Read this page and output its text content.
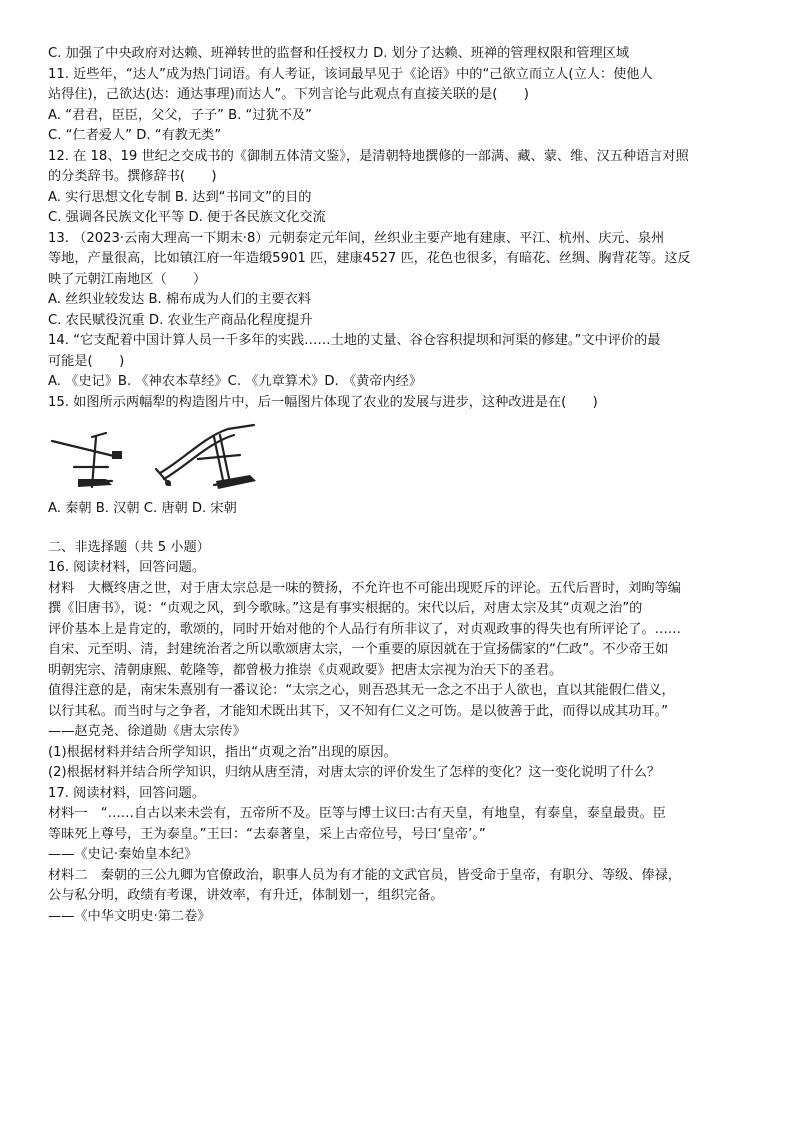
C. 加强了中央政府对达赖、班禅转世的监督和任授权力 D. 划分了达赖、班禅的管理权限和管理区域
11. 近些年，“达人”成为热门词语。有人考证，该词最早见于《论语》中的“己欲立而立人(立人：使他人
站得住)，己欲达(达：通达事理)而达人”。下列言论与此观点有直接关联的是(　　)
A. “君君，臣臣，父父，子子” B. “过犹不及”
C. “仁者爱人” D. “有教无类”
12. 在 18、19 世纪之交成书的《御制五体清文鉴》，是清朝特地撰修的一部满、藏、蒙、维、汉五种语言对照
的分类辞书。撰修辞书(　　)
A. 实行思想文化专制 B. 达到“书同文”的目的
C. 强调各民族文化平等 D. 便于各民族文化交流
13. （2023·云南大理高一下期末·8）元朝泰定元年间，丝织业主要产地有建康、平江、杭州、庆元、泉州
等地，产量很高，比如镇江府一年造缎5901 匹，建康4527 匹，花色也很多，有暗花、丝绸、胸背花等。这反
映了元朝江南地区（　　）
A. 丝织业较发达 B. 棉布成为人们的主要衣料
C. 农民赋役沉重 D. 农业生产商品化程度提升
14. “它支配着中国计算人员一千多年的实践……土地的丈量、谷仓容积提坝和河渠的修建。”文中评价的最
可能是(　　)
A. 《史记》B. 《神农本草经》C. 《九章算术》D. 《黄帝内经》
15. 如图所示两幅犁的构造图片中，后一幅图片体现了农业的发展与进步，这种改进是在(　　)
A. 秦朝 B. 汉朝 C. 唐朝 D. 宋朝
二、非选择题（共 5 小题）
16. 阅读材料，回答问题。
材料　大概终唐之世，对于唐太宗总是一味的赞扬，不允许也不可能出现贬斥的评论。五代后晋时，刘昫等编
撰《旧唐书》，说：“贞观之风，到今歌咏。”这是有事实根据的。宋代以后，对唐太宗及其“贞观之治”的
评价基本上是肯定的，歌颂的，同时开始对他的个人品行有所非议了，对贞观政事的得失也有所评论了。……
自宋、元至明、清，封建统治者之所以歌颂唐太宗，一个重要的原因就在于宣扬儒家的“仁政”。不少帝王如
明朝宪宗、清朝康熙、乾隆等，都曾极力推崇《贞观政要》把唐太宗视为治天下的圣君。
值得注意的是，南宋朱熹别有一番议论：“太宗之心，则吾恐其无一念之不出于人欲也，直以其能假仁借义，
以行其私。而当时与之争者，才能知术既出其下，又不知有仁义之可饬。是以彼善于此，而得以成其功耳。”
——赵克尧、徐道勋《唐太宗传》
(1)根据材料并结合所学知识，指出“贞观之治”出现的原因。
(2)根据材料并结合所学知识，归纳从唐至清，对唐太宗的评价发生了怎样的变化？这一变化说明了什么？
17. 阅读材料，回答问题。
材料一　“……自古以来未尝有，五帝所不及。臣等与博士议曰:古有天皇，有地皇，有泰皇，泰皇最贵。臣
等昧死上尊号，王为泰皇。”王曰：“去泰著皇，采上古帝位号，号曰‘皇帝’。”
——《史记·秦始皇本纪》
材料二　秦朝的三公九卿为官僚政治，职事人员为有才能的文武官员，皆受命于皇帝，有职分、等级、俸禄，
公与私分明，政绩有考课，讲效率，有升迁，体制划一，组织完备。
——《中华文明史·第二卷》
